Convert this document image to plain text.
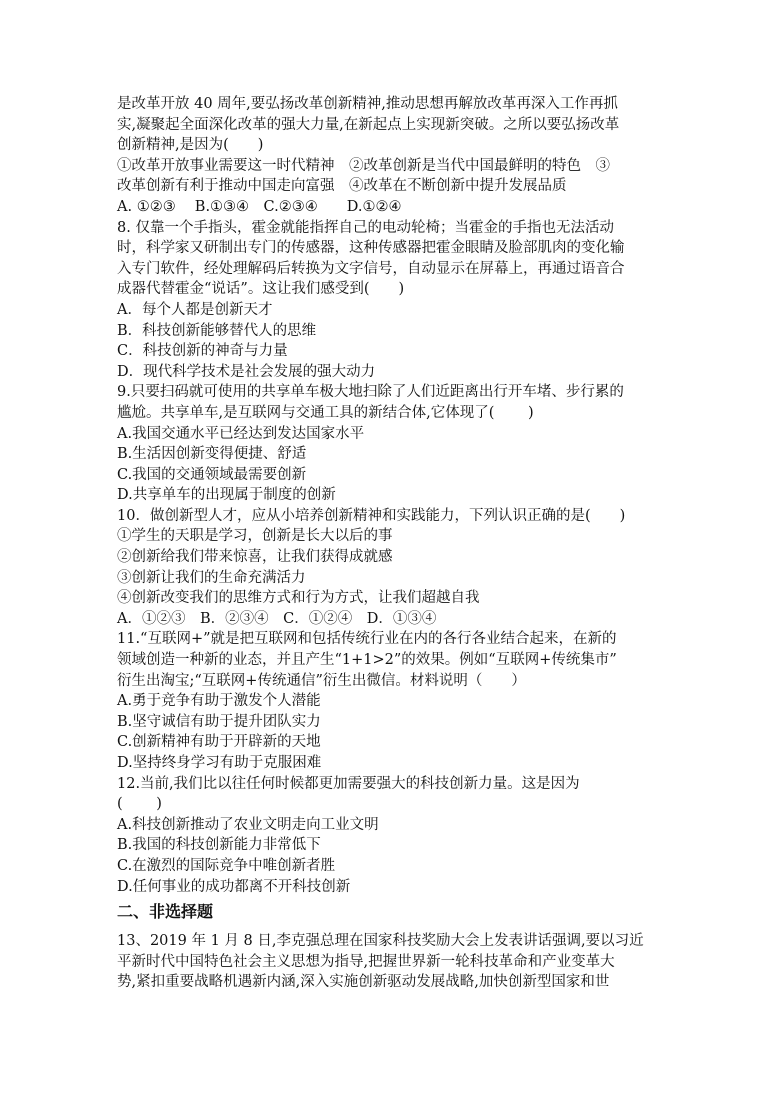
是改革开放 40 周年,要弘扬改革创新精神,推动思想再解放改革再深入工作再抓
实,凝聚起全面深化改革的强大力量,在新起点上实现新突破。之所以要弘扬改革
创新精神,是因为(　　)
①改革开放事业需要这一时代精神　②改革创新是当代中国最鲜明的特色　③
改革创新有利于推动中国走向富强　④改革在不断创新中提升发展品质
A. ①②③　 B.①③④　C.②③④　　D.①②④
8. 仅靠一个手指头，霍金就能指挥自己的电动轮椅；当霍金的手指也无法活动
时，科学家又研制出专门的传感器，这种传感器把霍金眼睛及脸部肌肉的变化输
入专门软件，经处理解码后转换为文字信号，自动显示在屏幕上，再通过语音合
成器代替霍金“说话”。这让我们感受到(　　)
A．每个人都是创新天才
B．科技创新能够替代人的思维
C．科技创新的神奇与力量
D．现代科学技术是社会发展的强大动力
9.只要扫码就可使用的共享单车极大地扫除了人们近距离出行开车堵、步行累的
尴尬。共享单车,是互联网与交通工具的新结合体,它体现了(　　 )
A.我国交通水平已经达到发达国家水平
B.生活因创新变得便捷、舒适
C.我国的交通领域最需要创新
D.共享单车的出现属于制度的创新
10．做创新型人才，应从小培养创新精神和实践能力，下列认识正确的是(　　)
①学生的天职是学习，创新是长大以后的事
②创新给我们带来惊喜，让我们获得成就感
③创新让我们的生命充满活力
④创新改变我们的思维方式和行为方式，让我们超越自我
A．①②③　B．②③④　C．①②④　D．①③④
11.“互联网+”就是把互联网和包括传统行业在内的各行各业结合起来，在新的
领域创造一种新的业态，并且产生“1+1>2”的效果。例如“互联网+传统集市”
衍生出淘宝;“互联网+传统通信”衍生出微信。材料说明（　　）
A.勇于竞争有助于激发个人潜能
B.坚守诚信有助于提升团队实力
C.创新精神有助于开辟新的天地
D.坚持终身学习有助于克服困难
12.当前,我们比以往任何时候都更加需要强大的科技创新力量。这是因为
(　　 )
A.科技创新推动了农业文明走向工业文明
B.我国的科技创新能力非常低下
C.在激烈的国际竞争中唯创新者胜
D.任何事业的成功都离不开科技创新
二、非选择题
13、2019 年 1 月 8 日,李克强总理在国家科技奖励大会上发表讲话强调,要以习近
平新时代中国特色社会主义思想为指导,把握世界新一轮科技革命和产业变革大
势,紧扣重要战略机遇新内涵,深入实施创新驱动发展战略,加快创新型国家和世
